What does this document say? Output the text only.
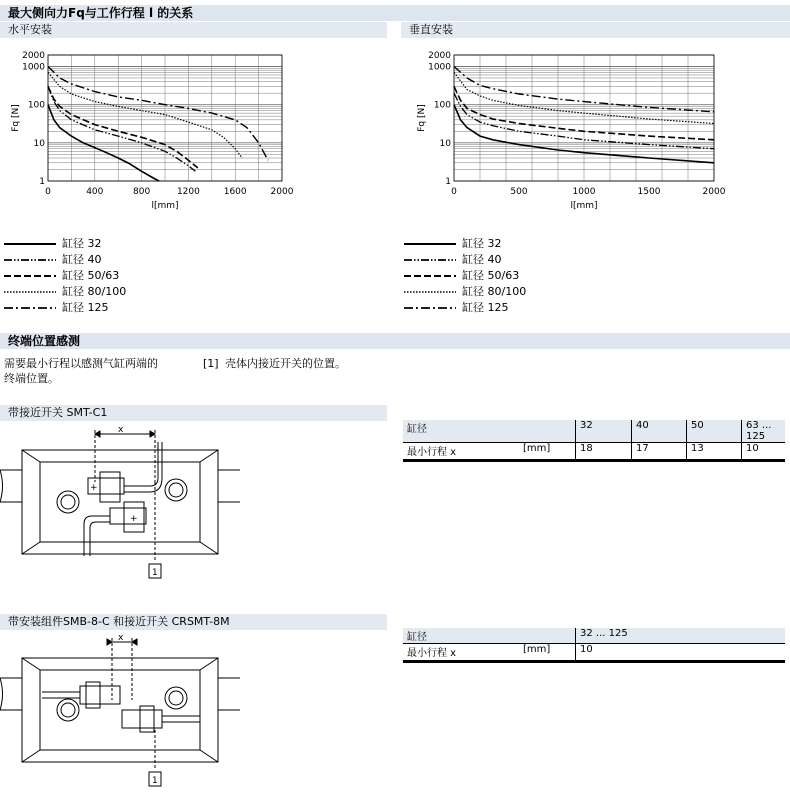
最大侧向力Fq与工作行程 l 的关系
水平安装	垂直安装
1
10
100
1000
2000
0	400	800	1200	1600	2000
l[mm]
Fq [N]
1
10
100
1000
2000
0	500	1000	1500	2000
l[mm]
Fq [N]
缸径 32	缸径 32
缸径 40	缸径 40
缸径 50/63	缸径 50/63
缸径 80/100	缸径 80/100
缸径 125	缸径 125
终端位置感测
需要最小行程以感测气缸两端的
终端位置。
[1] 壳体内接近开关的位置。
带接近开关 SMT-C1
x
1
+
+
缸径	32	40	50	63 ... 125
最小行程 x [mm]	18	17	13	10
带安装组件SMB-8-C 和接近开关 CRSMT-8M
x
1
缸径	32 ... 125
最小行程 x [mm]	10
